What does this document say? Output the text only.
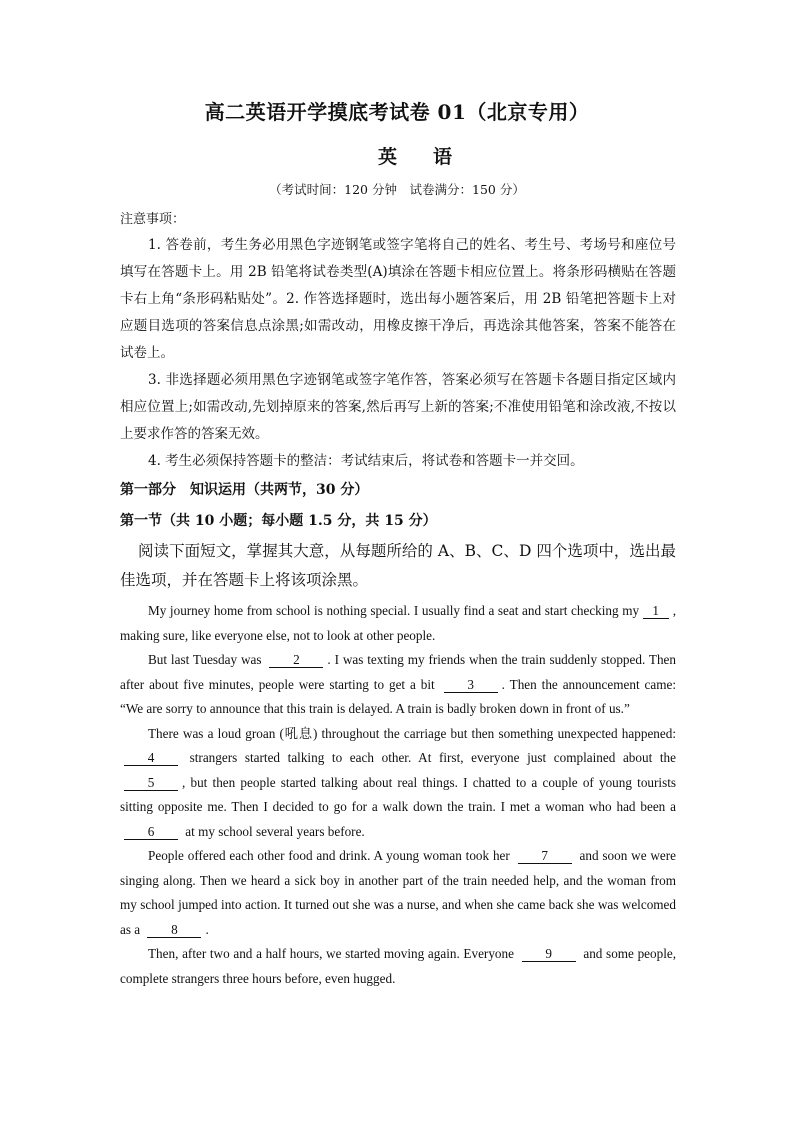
高二英语开学摸底考试卷 01（北京专用）
英语
（考试时间：120 分钟　试卷满分：150 分）
注意事项：
1. 答卷前，考生务必用黑色字迹钢笔或签字笔将自己的姓名、考生号、考场号和座位号填写在答题卡上。用 2B 铅笔将试卷类型(A)填涂在答题卡相应位置上。将条形码横贴在答题卡右上角“条形码粘贴处”。2. 作答选择题时，选出每小题答案后，用 2B 铅笔把答题卡上对应题目选项的答案信息点涂黑;如需改动，用橡皮擦干净后，再选涂其他答案，答案不能答在试卷上。
3. 非选择题必须用黑色字迹钢笔或签字笔作答，答案必须写在答题卡各题目指定区域内相应位置上;如需改动,先划掉原来的答案,然后再写上新的答案;不准使用铅笔和涂改液,不按以上要求作答的答案无效。
4. 考生必须保持答题卡的整洁：考试结束后，将试卷和答题卡一并交回。
第一部分　知识运用（共两节，30 分）
第一节（共 10 小题；每小题 1.5 分，共 15 分）
阅读下面短文，掌握其大意，从每题所给的 A、B、C、D 四个选项中，选出最佳选项，并在答题卡上将该项涂黑。

My journey home from school is nothing special. I usually find a seat and start checking my 1 , making sure, like everyone else, not to look at other people.

But last Tuesday was 2 . I was texting my friends when the train suddenly stopped. Then after about five minutes, people were starting to get a bit 3 . Then the announcement came: “We are sorry to announce that this train is delayed. A train is badly broken down in front of us.”

There was a loud groan (吼息) throughout the carriage but then something unexpected happened: 4	strangers started talking to each other. At first, everyone just complained about the 5 , but then people started talking about real things. I chatted to a couple of young tourists sitting opposite me. Then I decided to go for a walk down the train. I met a woman who had been a 6 at my school several years before.

People offered each other food and drink. A young woman took her 7 and soon we were singing along. Then we heard a sick boy in another part of the train needed help, and the woman from my school jumped into action. It turned out she was a nurse, and when she came back she was welcomed as a 8 .

Then, after two and a half hours, we started moving again. Everyone 9 and some people, complete strangers three hours before, even hugged.
